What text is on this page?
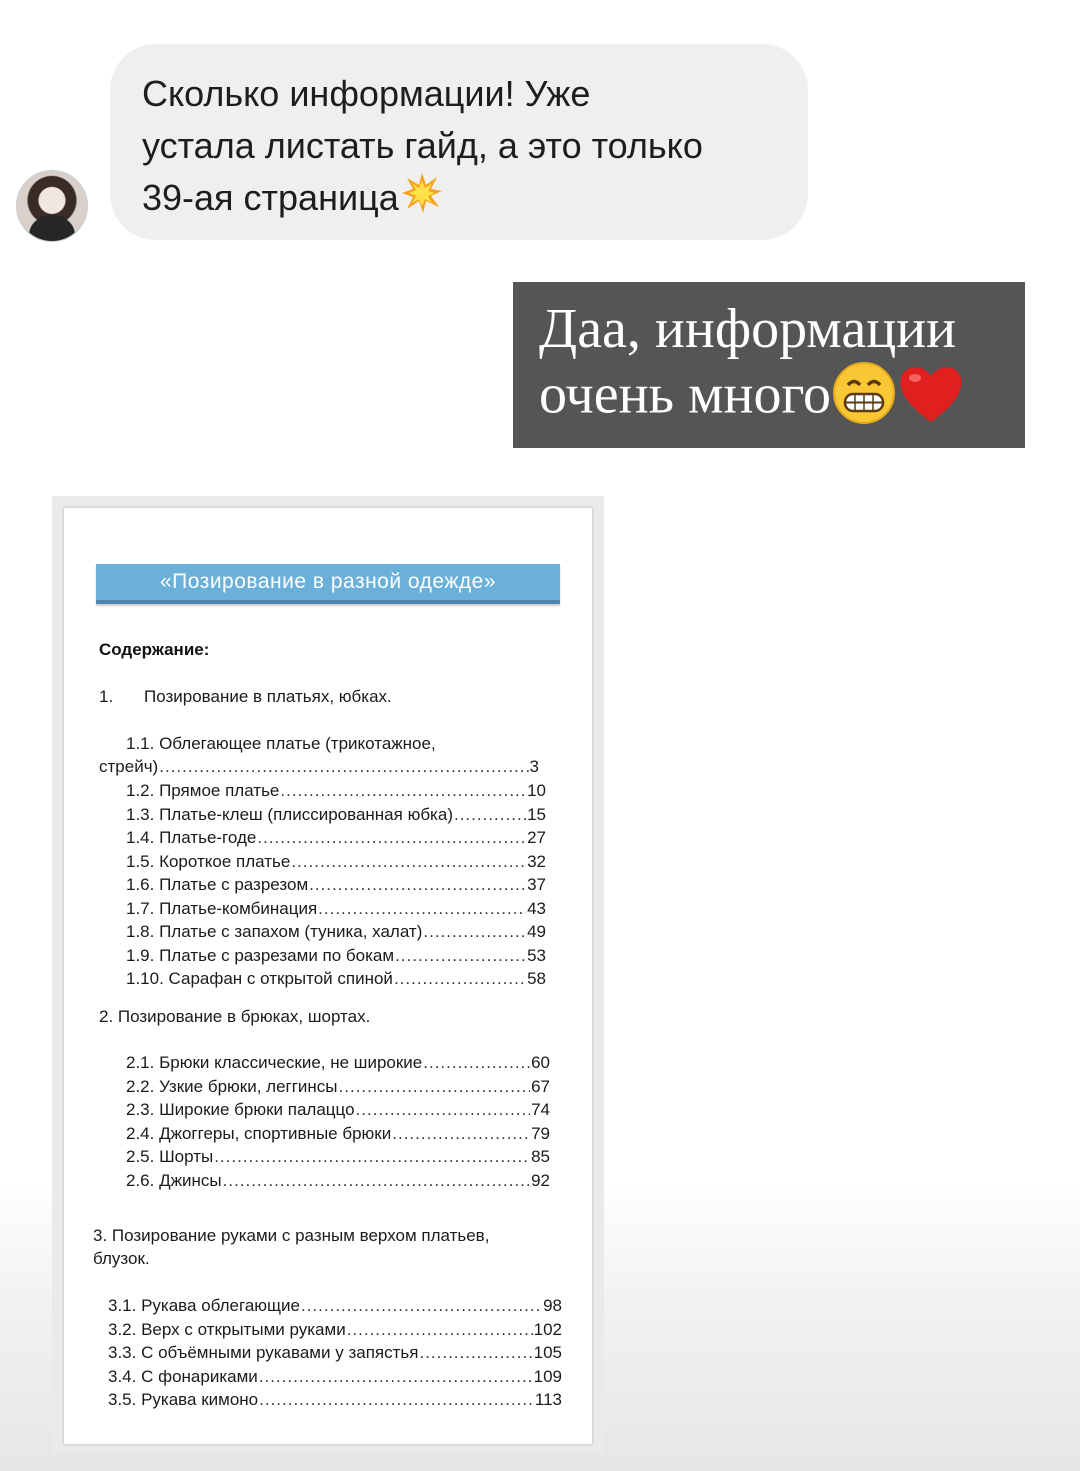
Сколько информации! Уже
устала листать гайд, а это только
39-ая страница
Даа, информации
очень много
«Позирование в разной одежде»
Содержание:
1. Позирование в платьях, юбках.
1.1. Облегающее платье (трикотажное,
стрейч) .....	3
1.2. Прямое платье .....	10
1.3. Платье-клеш (плиссированная юбка) .....	15
1.4. Платье-годе .....	27
1.5. Короткое платье .....	32
1.6. Платье с разрезом .....	37
1.7. Платье-комбинация .....	43
1.8. Платье с запахом (туника, халат) .....	49
1.9. Платье с разрезами по бокам .....	53
1.10. Сарафан с открытой спиной .....	58
2. Позирование в брюках, шортах.
2.1. Брюки классические, не широкие .....	60
2.2. Узкие брюки, леггинсы .....	67
2.3. Широкие брюки палаццо .....	74
2.4. Джоггеры, спортивные брюки .....	79
2.5. Шорты .....	85
2.6. Джинсы .....	92
3. Позирование руками с разным верхом платьев,
блузок.
3.1. Рукава облегающие .....	98
3.2. Верх с открытыми руками .....	102
3.3. С объёмными рукавами у запястья .....	105
3.4. С фонариками .....	109
3.5. Рукава кимоно .....	113
